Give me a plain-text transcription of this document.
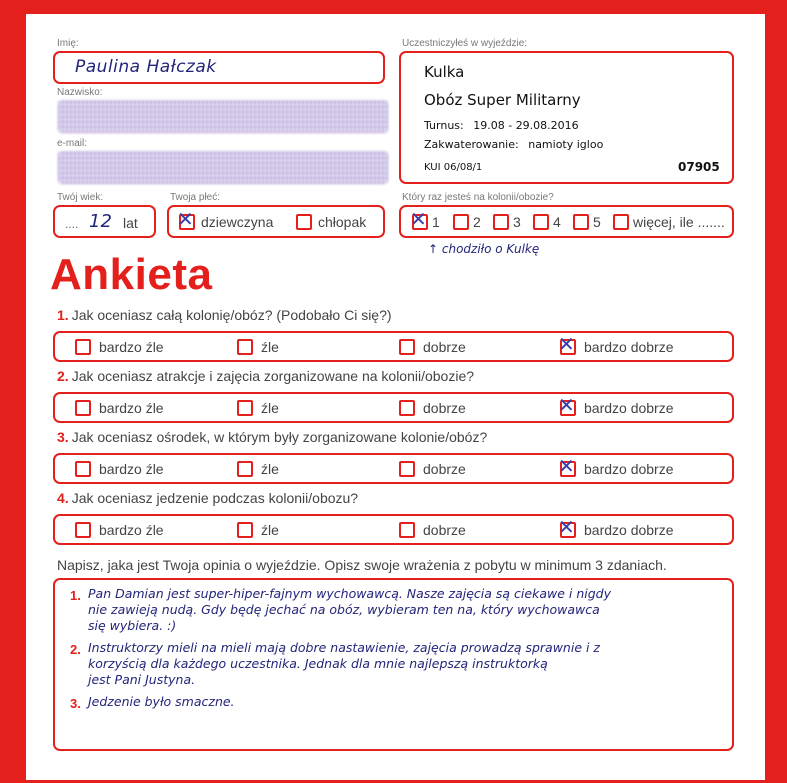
Imię:
Paulina Hałczak
Nazwisko:
e-mail:
Twój wiek:
.... 12 lat
Twoja płeć:
✕ dziewczyna	chłopak
Uczestniczyłeś w wyjeździe:
Kulka
Obóz Super Militarny
Turnus: 19.08 - 29.08.2016
Zakwaterowanie: namioty igloo
KUI 06/08/1	07905
Który raz jesteś na kolonii/obozie?
✕ 1 2 3 4 5 więcej, ile .......
↑ chodziło o Kulkę
Ankieta
1. Jak oceniasz całą kolonię/obóz? (Podobało Ci się?)
bardzo źle	źle	dobrze	✕ bardzo dobrze
2. Jak oceniasz atrakcje i zajęcia zorganizowane na kolonii/obozie?
bardzo źle	źle	dobrze	✕ bardzo dobrze
3. Jak oceniasz ośrodek, w którym były zorganizowane kolonie/obóz?
bardzo źle	źle	dobrze	✕ bardzo dobrze
4. Jak oceniasz jedzenie podczas kolonii/obozu?
bardzo źle	źle	dobrze	✕ bardzo dobrze
Napisz, jaka jest Twoja opinia o wyjeździe. Opisz swoje wrażenia z pobytu w minimum 3 zdaniach.
1. Pan Damian jest super-hiper-fajnym wychowawcą. Nasze zajęcia są ciekawe i nigdy
nie zawieją nudą. Gdy będę jechać na obóz, wybieram ten na, który wychowawca
się wybiera. :)
2. Instruktorzy mieli na mieli mają dobre nastawienie, zajęcia prowadzą sprawnie i z
korzyścią dla każdego uczestnika. Jednak dla mnie najlepszą instruktorką
jest Pani Justyna.
3. Jedzenie było smaczne.
